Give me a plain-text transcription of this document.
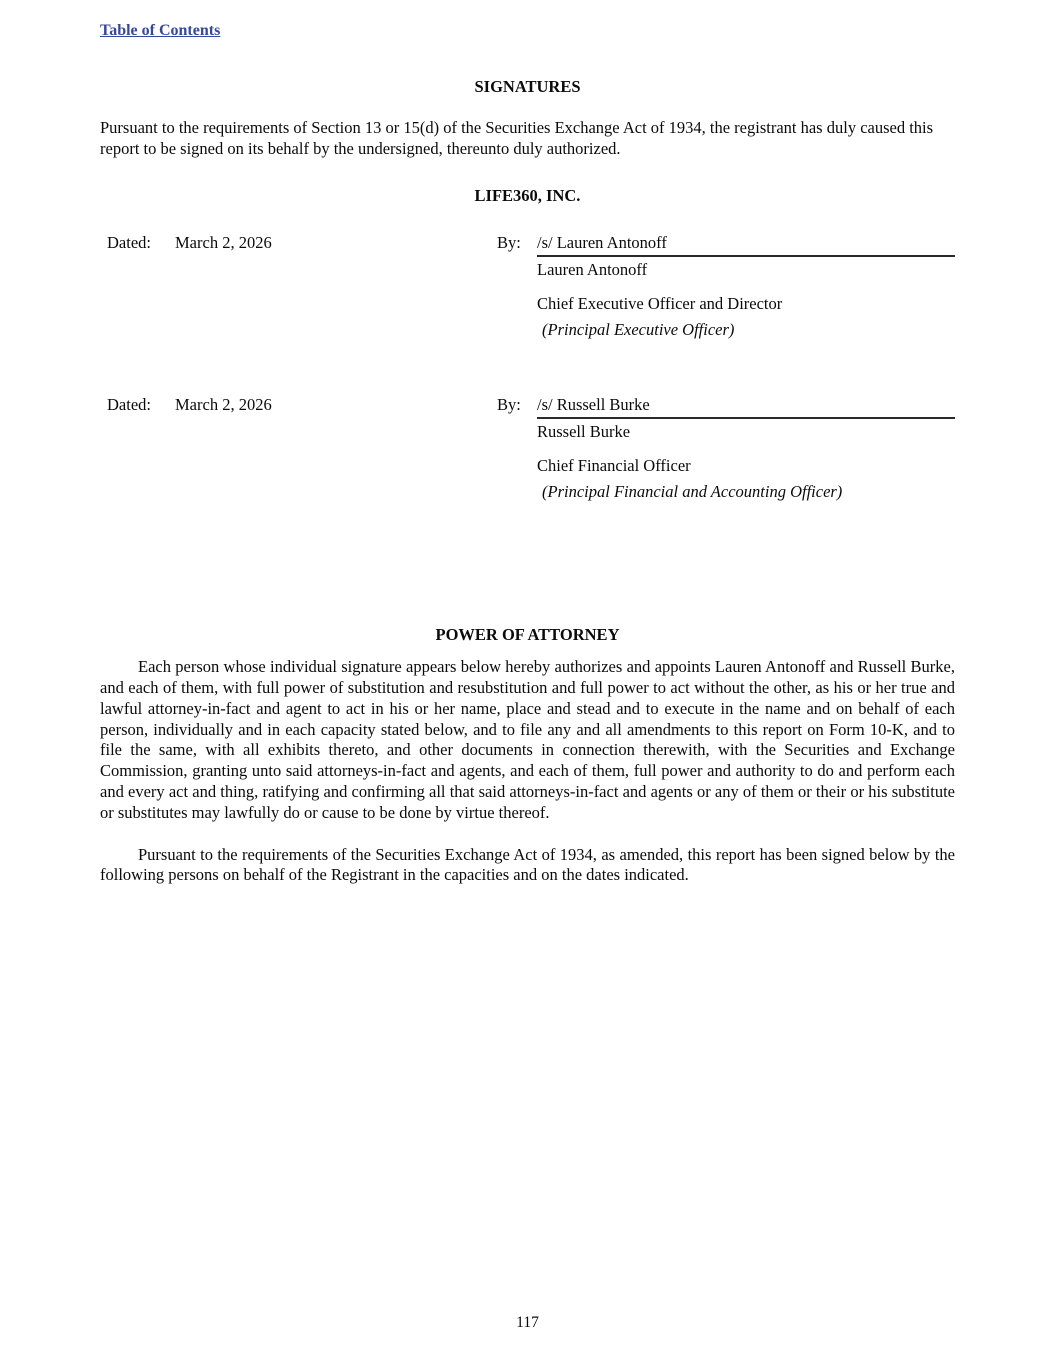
Table of Contents
SIGNATURES

Pursuant to the requirements of Section 13 or 15(d) of the Securities Exchange Act of 1934, the registrant has duly caused this report to be signed on its behalf by the undersigned, thereunto duly authorized.

LIFE360, INC.
Dated:	March 2, 2026	By: /s/ Lauren Antonoff
Lauren Antonoff
Chief Executive Officer and Director
(Principal Executive Officer)
Dated:	March 2, 2026	By: /s/ Russell Burke
Russell Burke
Chief Financial Officer
(Principal Financial and Accounting Officer)
POWER OF ATTORNEY

Each person whose individual signature appears below hereby authorizes and appoints Lauren Antonoff and Russell Burke, and each of them, with full power of substitution and resubstitution and full power to act without the other, as his or her true and lawful attorney-in-fact and agent to act in his or her name, place and stead and to execute in the name and on behalf of each person, individually and in each capacity stated below, and to file any and all amendments to this report on Form 10-K, and to file the same, with all exhibits thereto, and other documents in connection therewith, with the Securities and Exchange Commission, granting unto said attorneys-in-fact and agents, and each of them, full power and authority to do and perform each and every act and thing, ratifying and confirming all that said attorneys-in-fact and agents or any of them or their or his substitute or substitutes may lawfully do or cause to be done by virtue thereof.

Pursuant to the requirements of the Securities Exchange Act of 1934, as amended, this report has been signed below by the following persons on behalf of the Registrant in the capacities and on the dates indicated.

117
